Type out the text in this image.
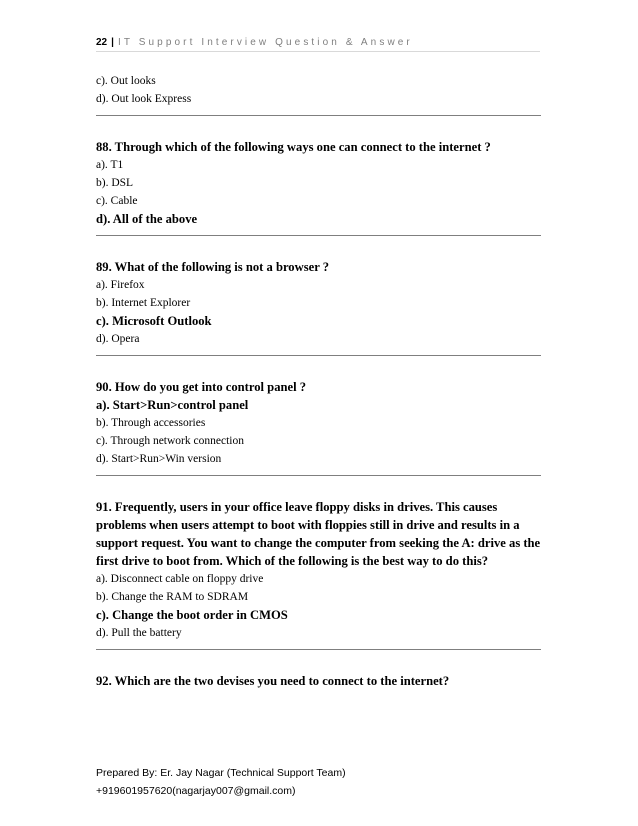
22 | IT Support Interview Question & Answer
c). Out looks
d). Out look Express
88. Through which of the following ways one can connect to the internet ?
a). T1
b). DSL
c). Cable
d). All of the above
89. What of the following is not a browser ?
a). Firefox
b). Internet Explorer
c). Microsoft Outlook
d). Opera
90. How do you get into control panel ?
a). Start>Run>control panel
b). Through accessories
c). Through network connection
d). Start>Run>Win version
91. Frequently, users in your office leave floppy disks in drives. This causes problems when users attempt to boot with floppies still in drive and results in a support request. You want to change the computer from seeking the A: drive as the first drive to boot from. Which of the following is the best way to do this?
a). Disconnect cable on floppy drive
b). Change the RAM to SDRAM
c). Change the boot order in CMOS
d). Pull the battery
92. Which are the two devises you need to connect to the internet?
Prepared By: Er. Jay Nagar (Technical Support Team)
+919601957620(nagarjay007@gmail.com)
